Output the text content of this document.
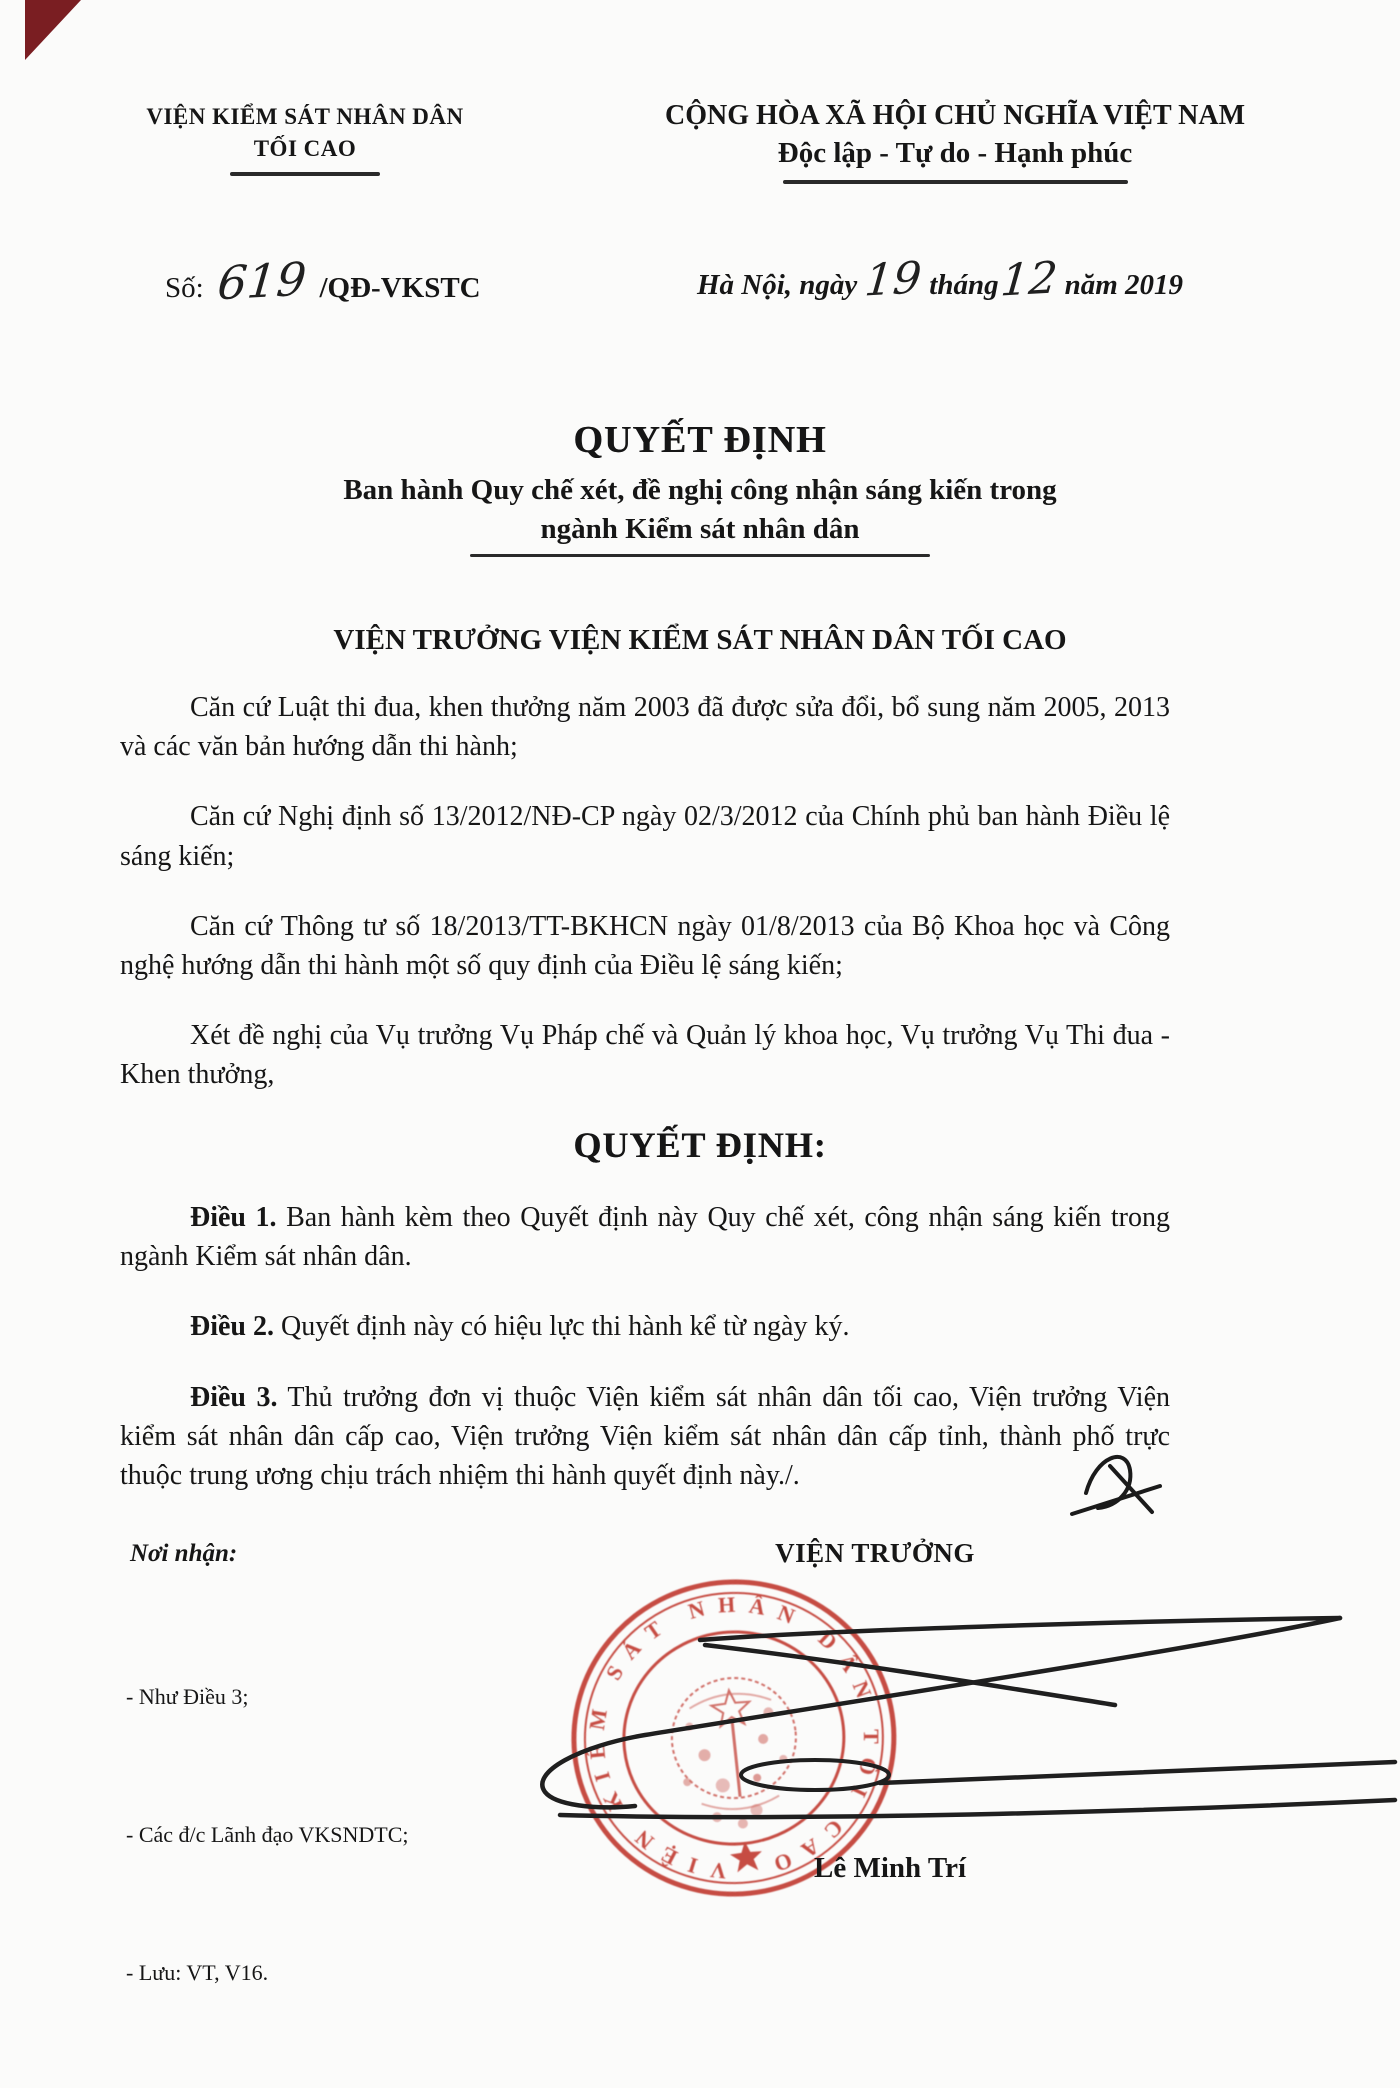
VIỆN KIỂM SÁT NHÂN DÂN
TỐI CAO
CỘNG HÒA XÃ HỘI CHỦ NGHĨA VIỆT NAM
Độc lập - Tự do - Hạnh phúc
Số: 619 /QĐ-VKSTC	Hà Nội, ngày 19 tháng 12 năm 2019
QUYẾT ĐỊNH
Ban hành Quy chế xét, đề nghị công nhận sáng kiến trong
ngành Kiểm sát nhân dân
VIỆN TRƯỞNG VIỆN KIỂM SÁT NHÂN DÂN TỐI CAO

Căn cứ Luật thi đua, khen thưởng năm 2003 đã được sửa đổi, bổ sung năm 2005, 2013 và các văn bản hướng dẫn thi hành;

Căn cứ Nghị định số 13/2012/NĐ-CP ngày 02/3/2012 của Chính phủ ban hành Điều lệ sáng kiến;

Căn cứ Thông tư số 18/2013/TT-BKHCN ngày 01/8/2013 của Bộ Khoa học và Công nghệ hướng dẫn thi hành một số quy định của Điều lệ sáng kiến;

Xét đề nghị của Vụ trưởng Vụ Pháp chế và Quản lý khoa học, Vụ trưởng Vụ Thi đua - Khen thưởng,

QUYẾT ĐỊNH:

Điều 1. Ban hành kèm theo Quyết định này Quy chế xét, công nhận sáng kiến trong ngành Kiểm sát nhân dân.

Điều 2. Quyết định này có hiệu lực thi hành kể từ ngày ký.

Điều 3. Thủ trưởng đơn vị thuộc Viện kiểm sát nhân dân tối cao, Viện trưởng Viện kiểm sát nhân dân cấp cao, Viện trưởng Viện kiểm sát nhân dân cấp tỉnh, thành phố trực thuộc trung ương chịu trách nhiệm thi hành quyết định này./.

Nơi nhận:

- Như Điều 3;

- Các đ/c Lãnh đạo VKSNDTC;

- Lưu: VT, V16.

VIỆN TRƯỞNG
VIỆN KIỂM SÁT NHÂN DÂN TỐI CAO Lê Minh Trí
